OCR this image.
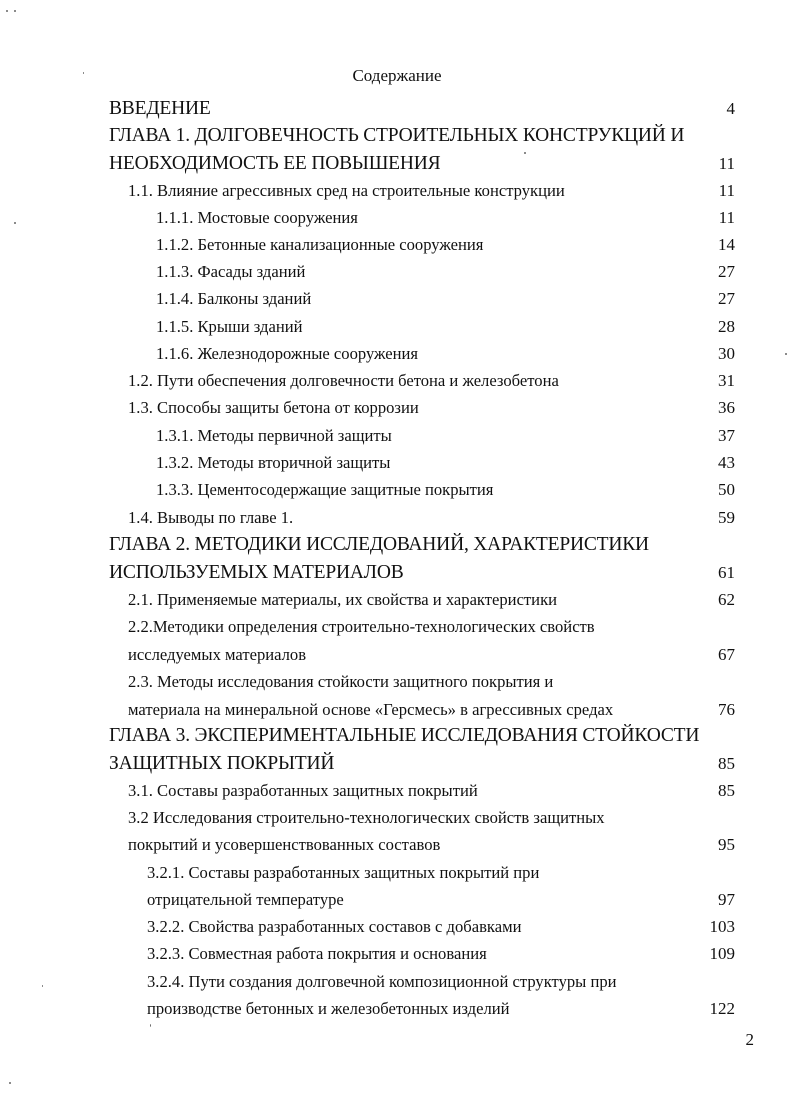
Содержание
ВВЕДЕНИЕ	4
ГЛАВА 1. ДОЛГОВЕЧНОСТЬ СТРОИТЕЛЬНЫХ КОНСТРУКЦИЙ И
НЕОБХОДИМОСТЬ ЕЕ ПОВЫШЕНИЯ	11
1.1. Влияние агрессивных сред на строительные конструкции	11
1.1.1. Мостовые сооружения	11
1.1.2. Бетонные канализационные сооружения	14
1.1.3. Фасады зданий	27
1.1.4. Балконы зданий	27
1.1.5. Крыши зданий	28
1.1.6. Железнодорожные сооружения	30
1.2. Пути обеспечения долговечности бетона и железобетона	31
1.3. Способы защиты бетона от коррозии	36
1.3.1. Методы первичной защиты	37
1.3.2. Методы вторичной защиты	43
1.3.3. Цементосодержащие защитные покрытия	50
1.4. Выводы по главе 1.	59
ГЛАВА 2. МЕТОДИКИ ИССЛЕДОВАНИЙ, ХАРАКТЕРИСТИКИ
ИСПОЛЬЗУЕМЫХ МАТЕРИАЛОВ	61
2.1. Применяемые материалы, их свойства и характеристики	62
2.2.Методики определения строительно-технологических свойств
исследуемых материалов	67
2.3. Методы исследования стойкости защитного покрытия и
материала на минеральной основе «Герсмесь» в агрессивных средах	76
ГЛАВА 3. ЭКСПЕРИМЕНТАЛЬНЫЕ ИССЛЕДОВАНИЯ СТОЙКОСТИ
ЗАЩИТНЫХ ПОКРЫТИЙ	85
3.1. Составы разработанных защитных покрытий	85
3.2 Исследования строительно-технологических свойств защитных
покрытий и усовершенствованных составов	95
3.2.1. Составы разработанных защитных покрытий при
отрицательной температуре	97
3.2.2. Свойства разработанных составов с добавками	103
3.2.3. Совместная работа покрытия и основания	109
3.2.4. Пути создания долговечной композиционной структуры при
производстве бетонных и железобетонных изделий	122
2
